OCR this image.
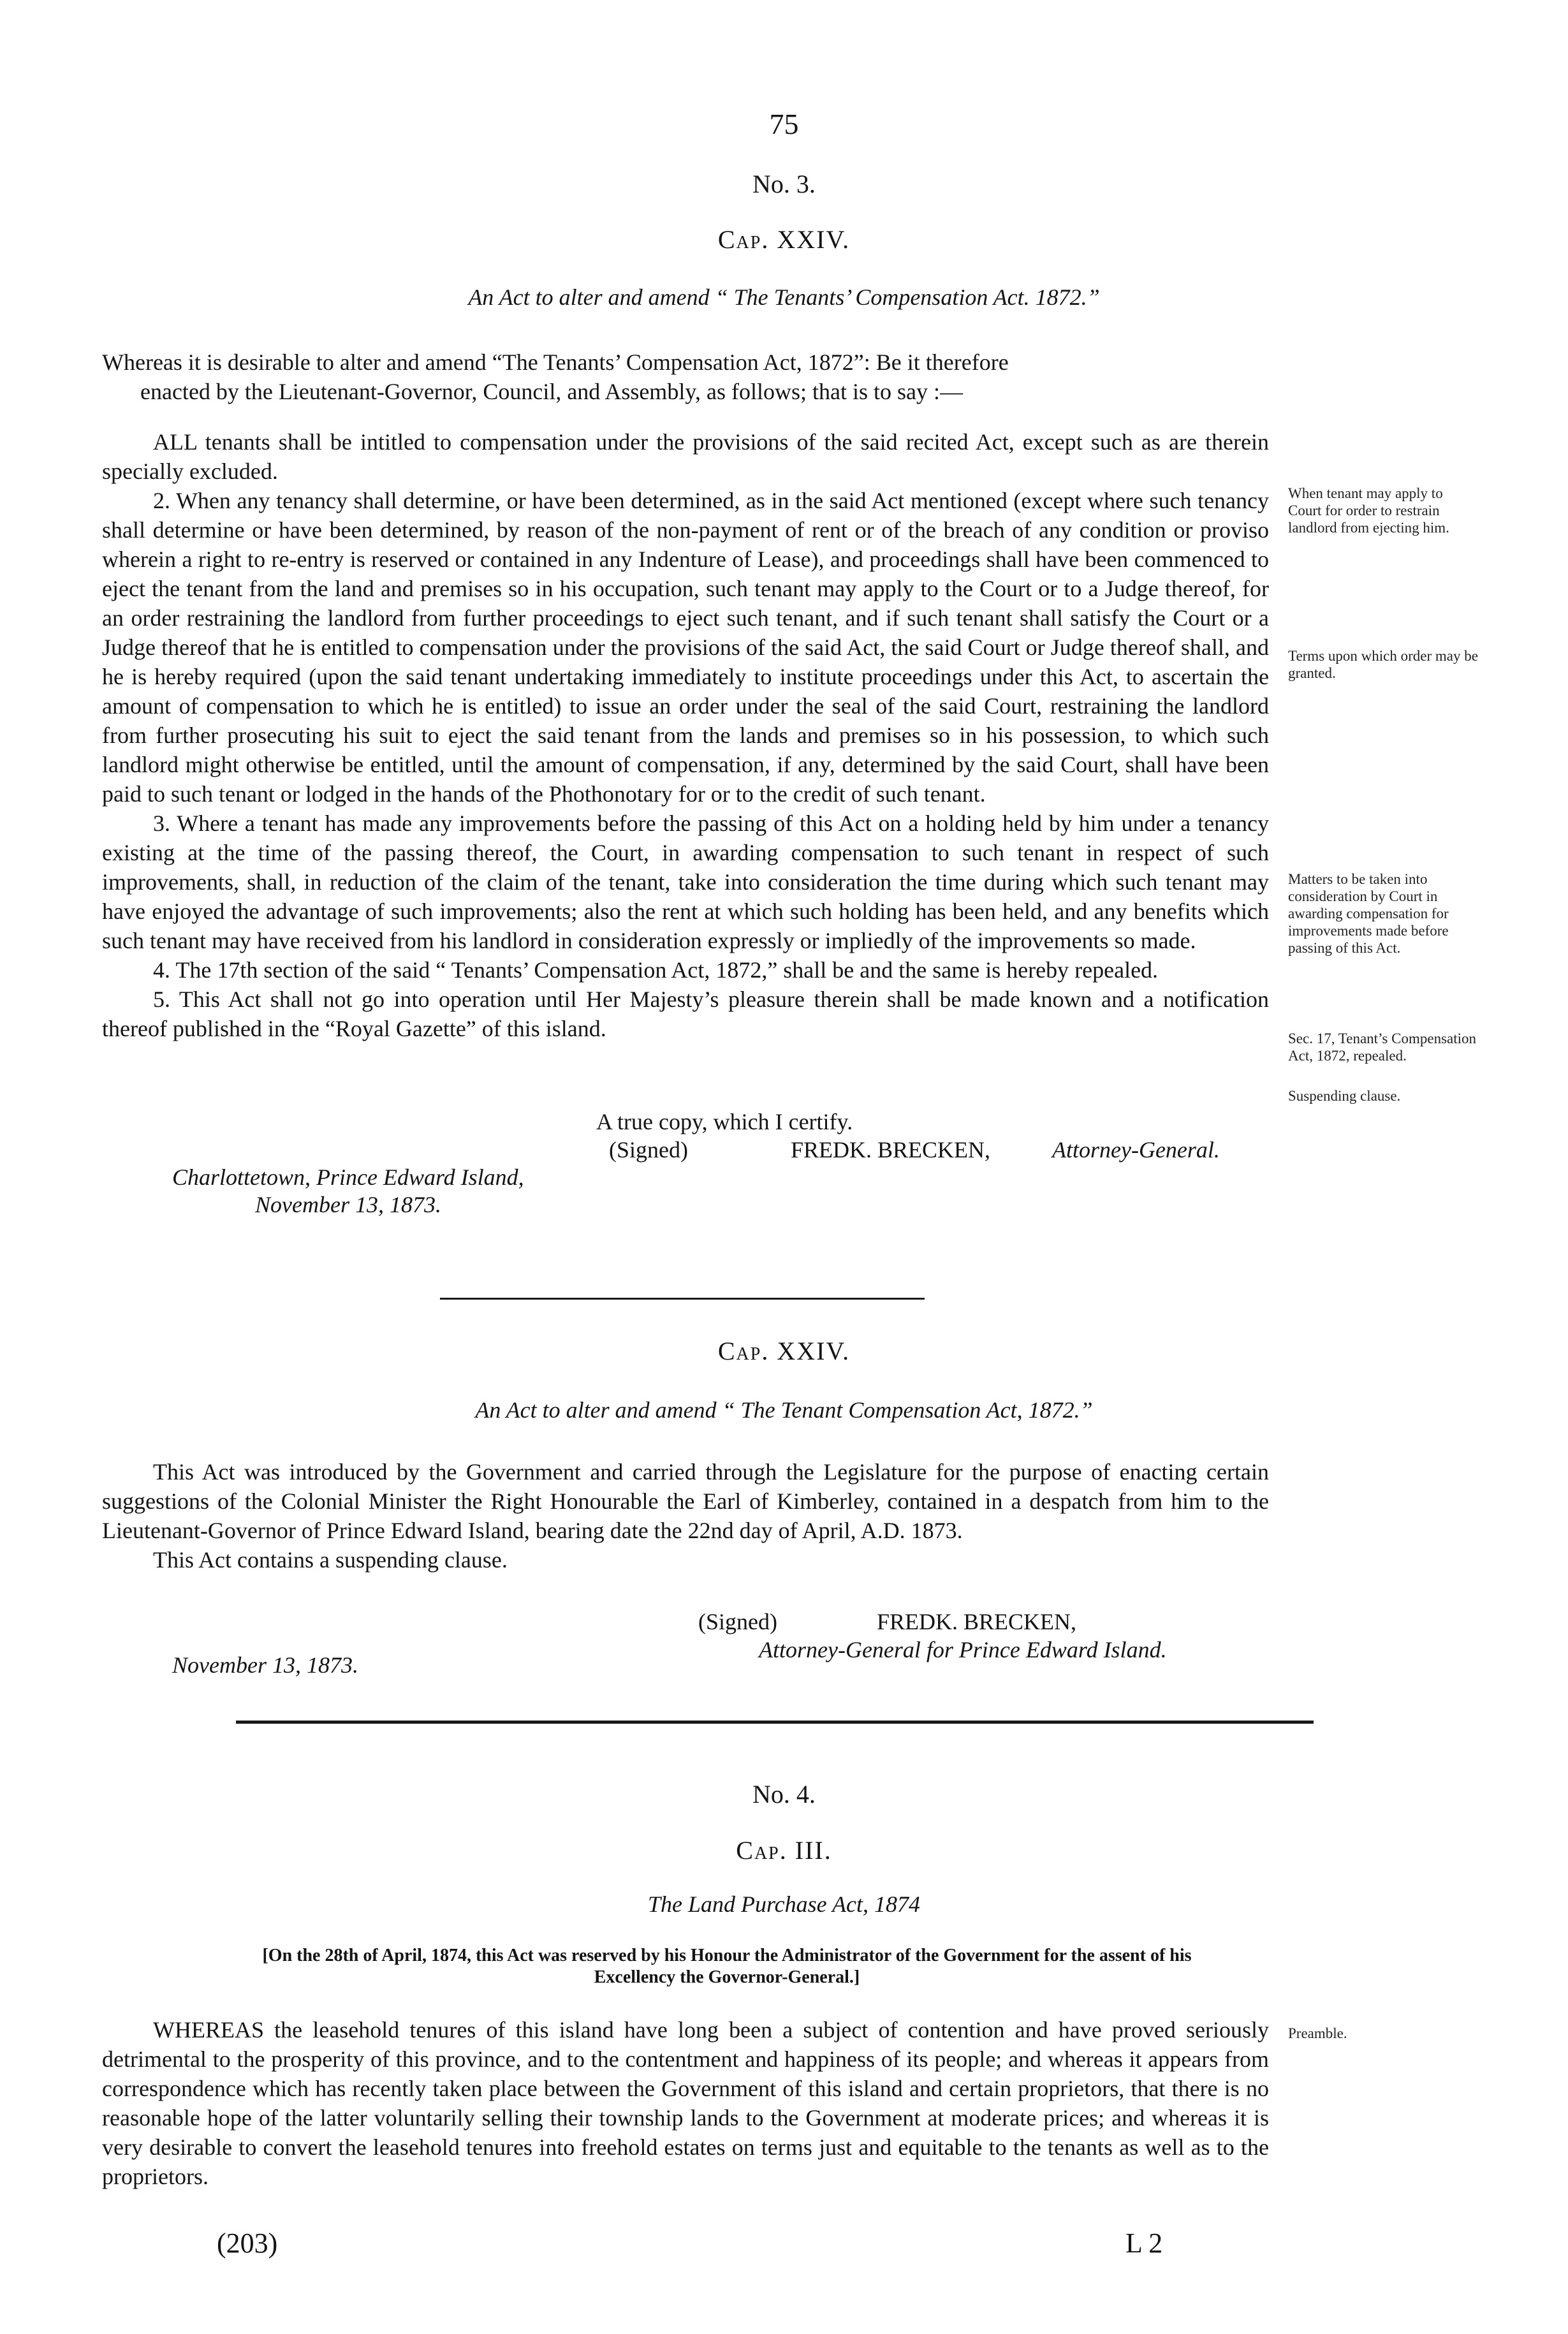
75
No. 3.
Cap. XXIV.
An Act to alter and amend “ The Tenants’ Compensation Act. 1872.”

Whereas it is desirable to alter and amend “The Tenants’ Compensation Act, 1872”: Be it therefore

enacted by the Lieutenant-Governor, Council, and Assembly, as follows; that is to say :—

ALL tenants shall be intitled to compensation under the provisions of the said recited Act, except such as are therein specially excluded.

2. When any tenancy shall determine, or have been determined, as in the said Act mentioned (except where such tenancy shall determine or have been determined, by reason of the non-payment of rent or of the breach of any condition or proviso wherein a right to re-entry is reserved or contained in any Indenture of Lease), and proceedings shall have been commenced to eject the tenant from the land and premises so in his occupation, such tenant may apply to the Court or to a Judge thereof, for an order restraining the landlord from further proceedings to eject such tenant, and if such tenant shall satisfy the Court or a Judge thereof that he is entitled to compensation under the provisions of the said Act, the said Court or Judge thereof shall, and he is hereby required (upon the said tenant undertaking immediately to institute proceedings under this Act, to ascertain the amount of compensation to which he is entitled) to issue an order under the seal of the said Court, restraining the landlord from further prosecuting his suit to eject the said tenant from the lands and premises so in his possession, to which such landlord might otherwise be entitled, until the amount of compensation, if any, determined by the said Court, shall have been paid to such tenant or lodged in the hands of the Phothonotary for or to the credit of such tenant.

3. Where a tenant has made any improvements before the passing of this Act on a holding held by him under a tenancy existing at the time of the passing thereof, the Court, in awarding compensation to such tenant in respect of such improvements, shall, in reduction of the claim of the tenant, take into consideration the time during which such tenant may have enjoyed the advantage of such improvements; also the rent at which such holding has been held, and any benefits which such tenant may have received from his landlord in consideration expressly or impliedly of the improvements so made.

4. The 17th section of the said “ Tenants’ Compensation Act, 1872,” shall be and the same is hereby repealed.

5. This Act shall not go into operation until Her Majesty’s pleasure therein shall be made known and a notification thereof published in the “Royal Gazette” of this island.

When tenant may apply to Court for order to restrain landlord from ejecting him.
Terms upon which order may be granted.
Matters to be taken into consideration by Court in awarding compensation for improvements made before passing of this Act.
Sec. 17, Tenant’s Compensation Act, 1872, repealed.
Suspending clause.
A true copy, which I certify.
(Signed)	FREDK. BRECKEN,	Attorney-General.
Charlottetown, Prince Edward Island,
November 13, 1873.
Cap. XXIV.
An Act to alter and amend “ The Tenant Compensation Act, 1872.”

This Act was introduced by the Government and carried through the Legislature for the purpose of enacting certain suggestions of the Colonial Minister the Right Honourable the Earl of Kimberley, contained in a despatch from him to the Lieutenant-Governor of Prince Edward Island, bearing date the 22nd day of April, A.D. 1873.

This Act contains a suspending clause.

(Signed)	FREDK. BRECKEN,
Attorney-General for Prince Edward Island.
November 13, 1873.
No. 4.
Cap. III.
The Land Purchase Act, 1874
[On the 28th of April, 1874, this Act was reserved by his Honour the Administrator of the Government for the assent of his
Excellency the Governor-General.]

WHEREAS the leasehold tenures of this island have long been a subject of contention and have proved seriously detrimental to the prosperity of this province, and to the contentment and happiness of its people; and whereas it appears from correspondence which has recently taken place between the Government of this island and certain proprietors, that there is no reasonable hope of the latter voluntarily selling their township lands to the Government at moderate prices; and whereas it is very desirable to convert the leasehold tenures into freehold estates on terms just and equitable to the tenants as well as to the proprietors.

Preamble.
(203)	L 2
